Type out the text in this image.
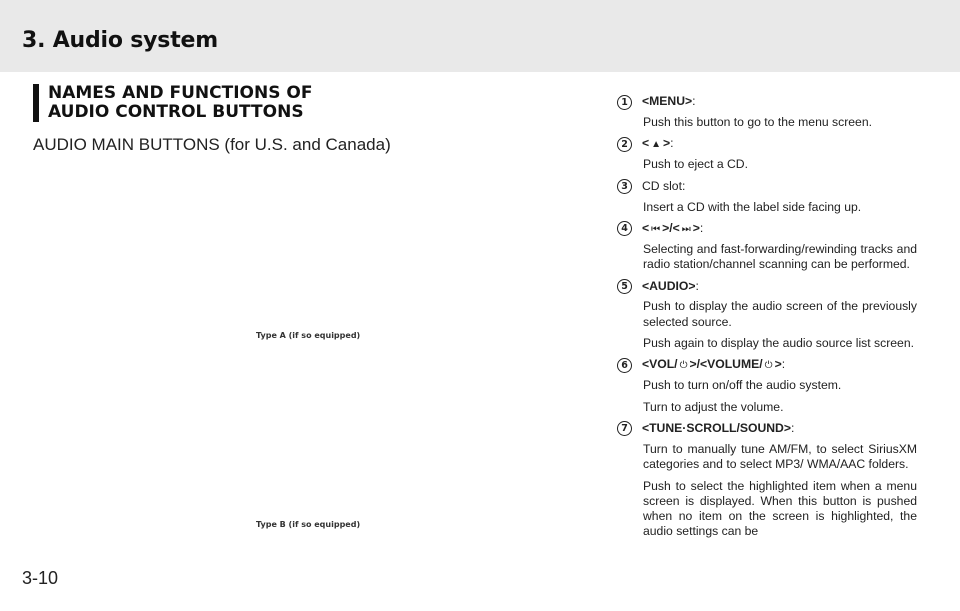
3. Audio system
NAMES AND FUNCTIONS OF AUDIO CONTROL BUTTONS
AUDIO MAIN BUTTONS (for U.S. and Canada)
Type A (if so equipped)
Type B (if so equipped)
1	<MENU>:
Push this button to go to the menu screen.
2	< ▲ >:
Push to eject a CD.
3	CD slot:
Insert a CD with the label side facing up.
4	< ⏮ >/< ⏭ >:
Selecting and fast-forwarding/rewinding tracks and radio station/channel scanning can be performed.
5	<AUDIO>:
Push to display the audio screen of the previously selected source.
Push again to display the audio source list screen.
6	<VOL/ ⏻ >/<VOLUME/ ⏻ >:
Push to turn on/off the audio system.
Turn to adjust the volume.
7	<TUNE·SCROLL/SOUND>:
Turn to manually tune AM/FM, to select SiriusXM categories and to select MP3/ WMA/AAC folders.
Push to select the highlighted item when a menu screen is displayed. When this button is pushed when no item on the screen is highlighted, the audio settings can be
3-10
